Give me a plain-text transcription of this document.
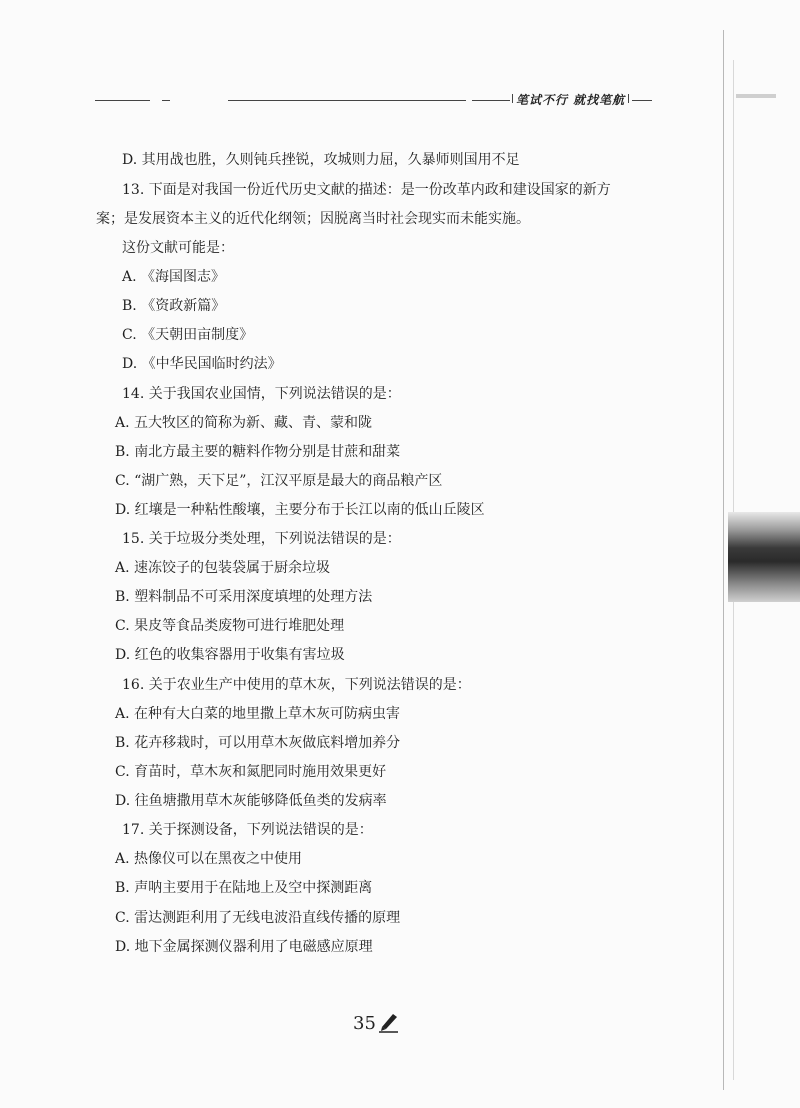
笔试不行 就找笔航
D. 其用战也胜，久则钝兵挫锐，攻城则力屈，久暴师则国用不足
13. 下面是对我国一份近代历史文献的描述：是一份改革内政和建设国家的新方
案；是发展资本主义的近代化纲领；因脱离当时社会现实而未能实施。
这份文献可能是：
A. 《海国图志》
B. 《资政新篇》
C. 《天朝田亩制度》
D. 《中华民国临时约法》
14. 关于我国农业国情，下列说法错误的是：
A. 五大牧区的简称为新、藏、青、蒙和陇
B. 南北方最主要的糖料作物分别是甘蔗和甜菜
C. “湖广熟，天下足”，江汉平原是最大的商品粮产区
D. 红壤是一种粘性酸壤，主要分布于长江以南的低山丘陵区
15. 关于垃圾分类处理，下列说法错误的是：
A. 速冻饺子的包装袋属于厨余垃圾
B. 塑料制品不可采用深度填埋的处理方法
C. 果皮等食品类废物可进行堆肥处理
D. 红色的收集容器用于收集有害垃圾
16. 关于农业生产中使用的草木灰，下列说法错误的是：
A. 在种有大白菜的地里撒上草木灰可防病虫害
B. 花卉移栽时，可以用草木灰做底料增加养分
C. 育苗时，草木灰和氮肥同时施用效果更好
D. 往鱼塘撒用草木灰能够降低鱼类的发病率
17. 关于探测设备，下列说法错误的是：
A. 热像仪可以在黑夜之中使用
B. 声呐主要用于在陆地上及空中探测距离
C. 雷达测距利用了无线电波沿直线传播的原理
D. 地下金属探测仪器利用了电磁感应原理
35
